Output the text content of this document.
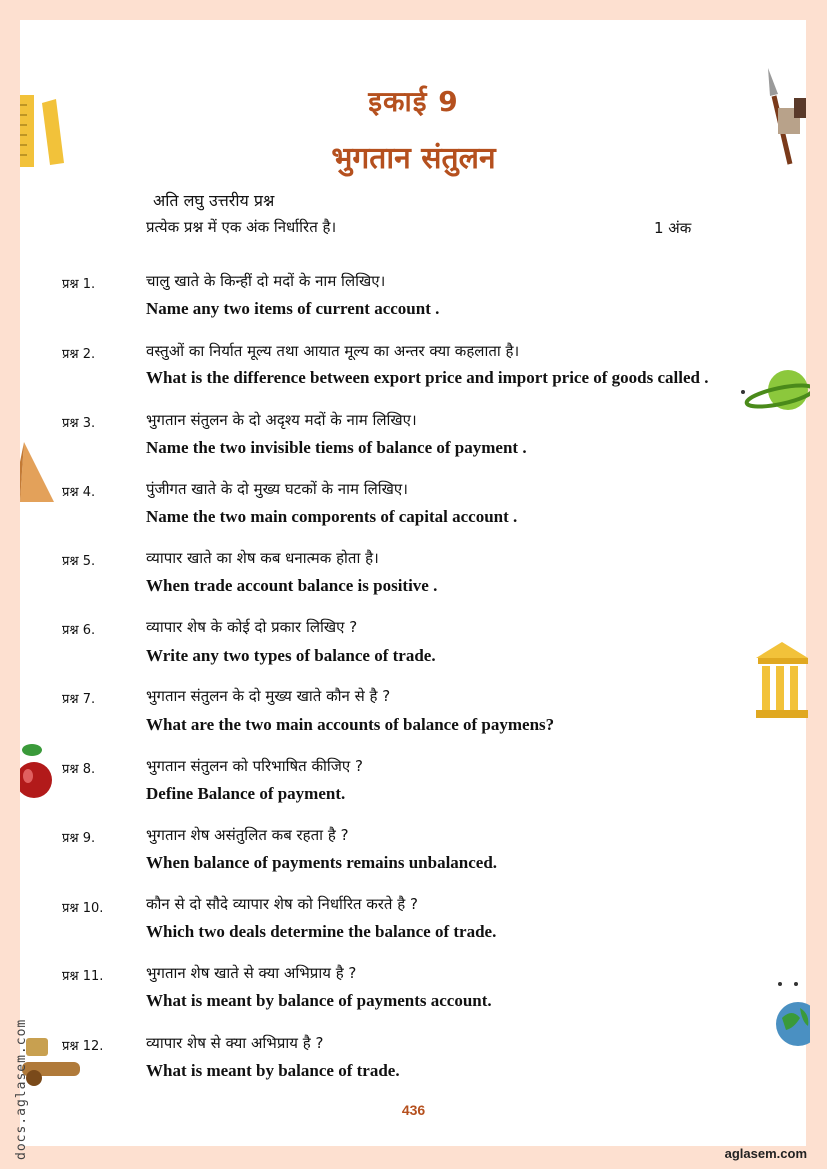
इकाई 9
भुगतान संतुलन
अति लघु उत्तरीय प्रश्न
प्रत्येक प्रश्न में एक अंक निर्धारित है।	1 अंक
प्रश्न 1.	चालु खाते के किन्हीं दो मदों के नाम लिखिए।
Name any two items of current account .
प्रश्न 2.	वस्तुओं का निर्यात मूल्य तथा आयात मूल्य का अन्तर क्या कहलाता है।
What is the difference between export price and import price of goods called .
प्रश्न 3.	भुगतान संतुलन के दो अदृश्य मदों के नाम लिखिए।
Name the two invisible tiems of balance of payment .
प्रश्न 4.	पुंजीगत खाते के दो मुख्य घटकों के नाम लिखिए।
Name the two main comporents of capital account .
प्रश्न 5.	व्यापार खाते का शेष कब धनात्मक होता है।
When trade account balance is positive .
प्रश्न 6.	व्यापार शेष के कोई दो प्रकार लिखिए ?
Write any two types of balance of trade.
प्रश्न 7.	भुगतान संतुलन के दो मुख्य खाते कौन से है ?
What are the two main accounts of balance of paymens?
प्रश्न 8.	भुगतान संतुलन को परिभाषित कीजिए ?
Define Balance of payment.
प्रश्न 9.	भुगतान शेष असंतुलित कब रहता है ?
When balance of payments remains unbalanced.
प्रश्न 10.	कौन से दो सौदे व्यापार शेष को निर्धारित करते है ?
Which two deals determine the balance of trade.
प्रश्न 11.	भुगतान शेष खाते से क्या अभिप्राय है ?
What is meant by balance of payments account.
प्रश्न 12.	व्यापार शेष से क्या अभिप्राय है ?
What is meant by balance of trade.
436
aglasem.com
docs.aglasem.com
